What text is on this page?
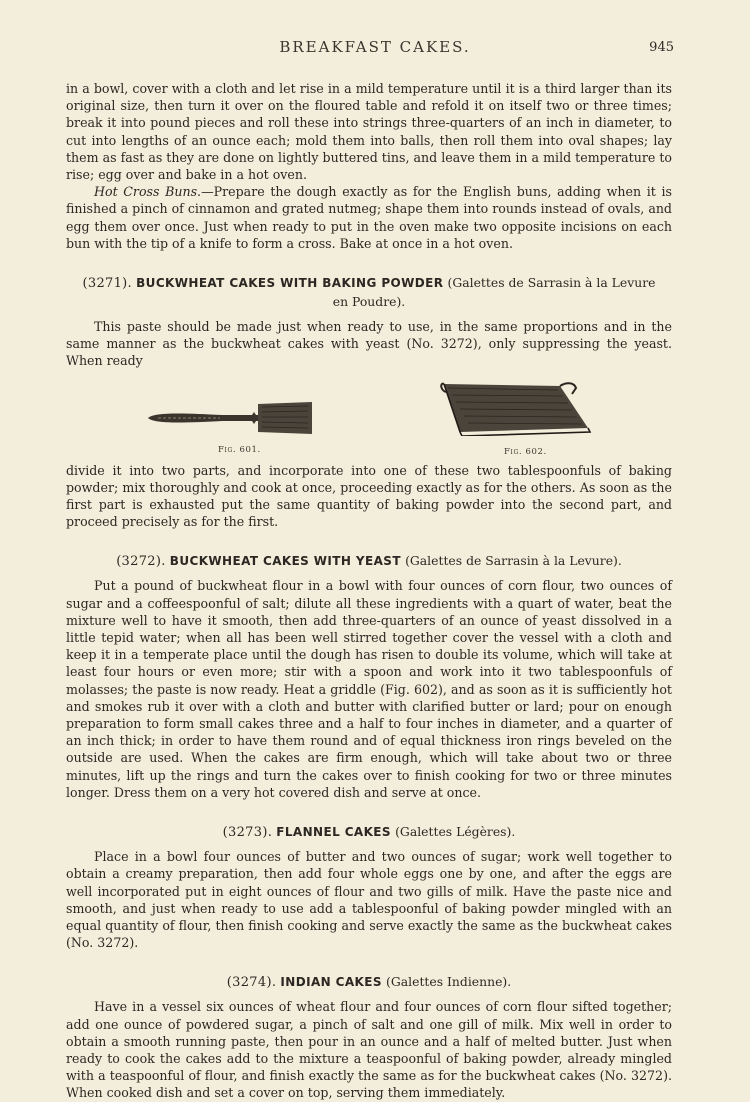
BREAKFAST CAKES.	945

in a bowl, cover with a cloth and let rise in a mild temperature until it is a third larger than its original size, then turn it over on the floured table and refold it on itself two or three times; break it into pound pieces and roll these into strings three-quarters of an inch in diameter, to cut into lengths of an ounce each; mold them into balls, then roll them into oval shapes; lay them as fast as they are done on lightly buttered tins, and leave them in a mild temperature to rise; egg over and bake in a hot oven.

Hot Cross Buns.—Prepare the dough exactly as for the English buns, adding when it is finished a pinch of cinnamon and grated nutmeg; shape them into rounds instead of ovals, and egg them over once. Just when ready to put in the oven make two opposite incisions on each bun with the tip of a knife to form a cross. Bake at once in a hot oven.

(3271). BUCKWHEAT CAKES WITH BAKING POWDER (Galettes de Sarrasin à la Levure en Poudre).

This paste should be made just when ready to use, in the same proportions and in the same manner as the buckwheat cakes with yeast (No. 3272), only suppressing the yeast. When ready

Fig. 601.	Fig. 602.

divide it into two parts, and incorporate into one of these two tablespoonfuls of baking powder; mix thoroughly and cook at once, proceeding exactly as for the others. As soon as the first part is exhausted put the same quantity of baking powder into the second part, and proceed precisely as for the first.

(3272). BUCKWHEAT CAKES WITH YEAST (Galettes de Sarrasin à la Levure).

Put a pound of buckwheat flour in a bowl with four ounces of corn flour, two ounces of sugar and a coffeespoonful of salt; dilute all these ingredients with a quart of water, beat the mixture well to have it smooth, then add three-quarters of an ounce of yeast dissolved in a little tepid water; when all has been well stirred together cover the vessel with a cloth and keep it in a temperate place until the dough has risen to double its volume, which will take at least four hours or even more; stir with a spoon and work into it two tablespoonfuls of molasses; the paste is now ready. Heat a griddle (Fig. 602), and as soon as it is sufficiently hot and smokes rub it over with a cloth and butter with clarified butter or lard; pour on enough preparation to form small cakes three and a half to four inches in diameter, and a quarter of an inch thick; in order to have them round and of equal thickness iron rings beveled on the outside are used. When the cakes are firm enough, which will take about two or three minutes, lift up the rings and turn the cakes over to finish cooking for two or three minutes longer. Dress them on a very hot covered dish and serve at once.

(3273). FLANNEL CAKES (Galettes Légères).

Place in a bowl four ounces of butter and two ounces of sugar; work well together to obtain a creamy preparation, then add four whole eggs one by one, and after the eggs are well incorporated put in eight ounces of flour and two gills of milk. Have the paste nice and smooth, and just when ready to use add a tablespoonful of baking powder mingled with an equal quantity of flour, then finish cooking and serve exactly the same as the buckwheat cakes (No. 3272).

(3274). INDIAN CAKES (Galettes Indienne).

Have in a vessel six ounces of wheat flour and four ounces of corn flour sifted together; add one ounce of powdered sugar, a pinch of salt and one gill of milk. Mix well in order to obtain a smooth running paste, then pour in an ounce and a half of melted butter. Just when ready to cook the cakes add to the mixture a teaspoonful of baking powder, already mingled with a teaspoonful of flour, and finish exactly the same as for the buckwheat cakes (No. 3272). When cooked dish and set a cover on top, serving them immediately.
